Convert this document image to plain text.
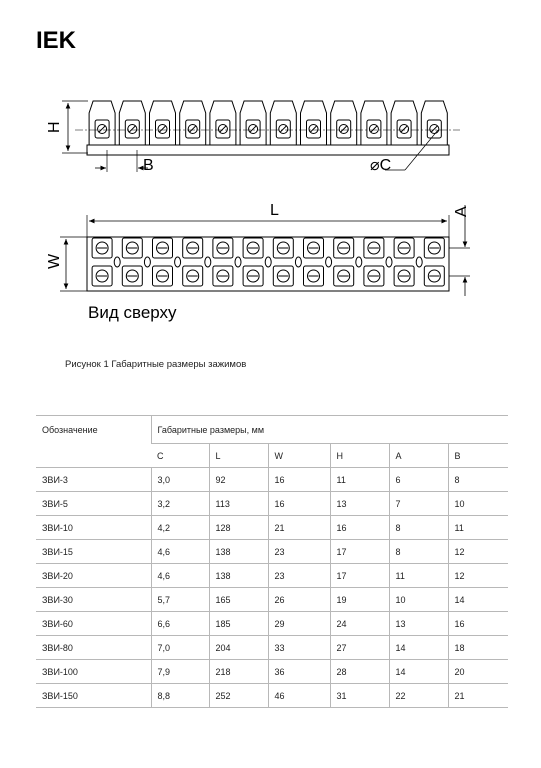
IEK
H
B	⌀C
L	A
W
Вид сверху
Рисунок 1 Габаритные размеры зажимов
Обозначение	Габаритные размеры, мм					
	C	L	W	H	A	B
ЗВИ-3	3,0	92	16	11	6	8
ЗВИ-5	3,2	113	16	13	7	10
ЗВИ-10	4,2	128	21	16	8	11
ЗВИ-15	4,6	138	23	17	8	12
ЗВИ-20	4,6	138	23	17	11	12
ЗВИ-30	5,7	165	26	19	10	14
ЗВИ-60	6,6	185	29	24	13	16
ЗВИ-80	7,0	204	33	27	14	18
ЗВИ-100	7,9	218	36	28	14	20
ЗВИ-150	8,8	252	46	31	22	21
